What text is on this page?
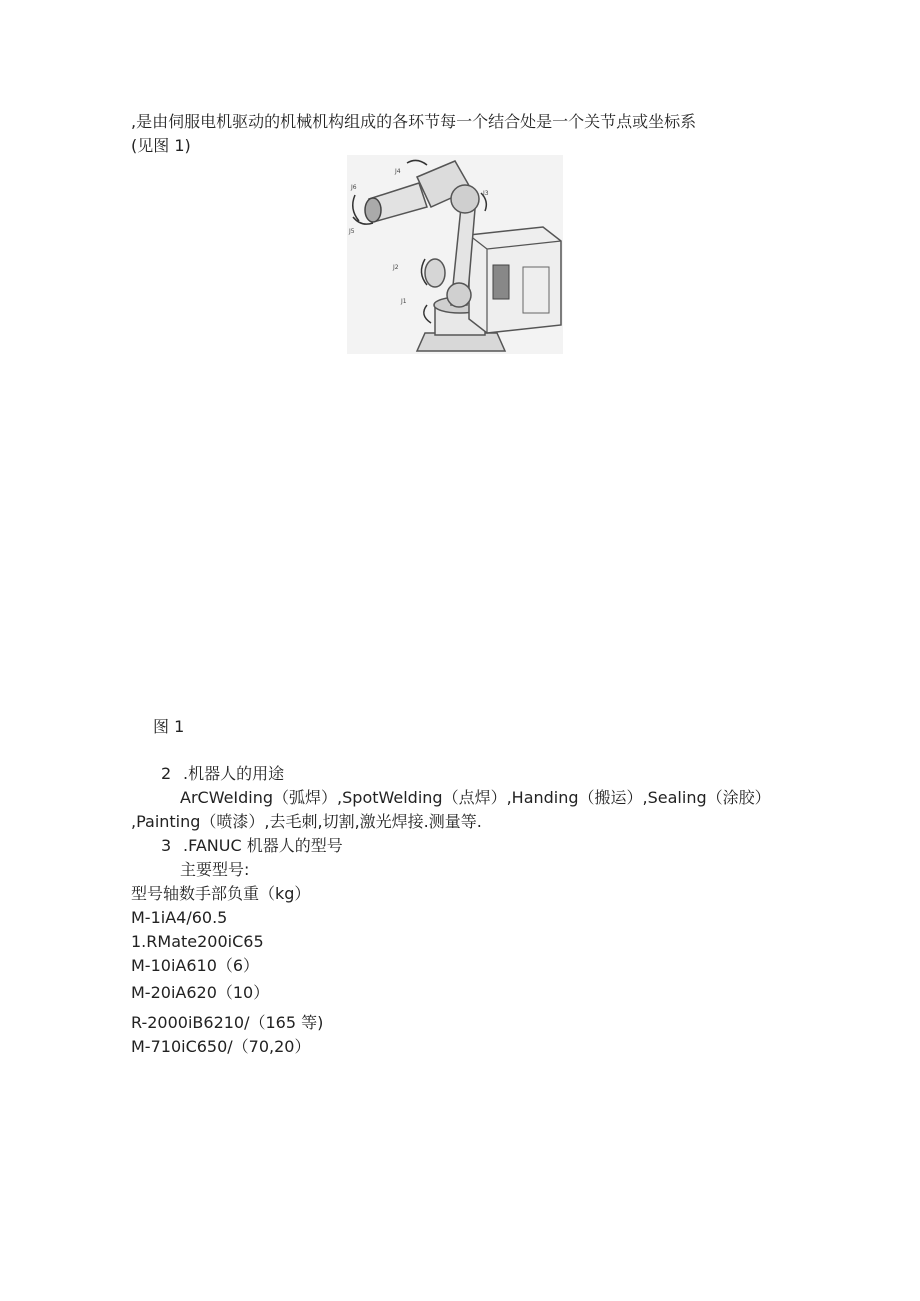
,是由伺服电机驱动的机械机构组成的各环节每一个结合处是一个关节点或坐标系
(见图 1)
J6
J5
J4
J3
J2
J1
图 1
2 .机器人的用途
ArCWeIding（弧焊）,SpotWelding（点焊）,Handing（搬运）,Sealing（涂胶）
,Painting（喷漆）,去毛刺,切割,激光焊接.测量等.
3 .FANUC 机器人的型号
主要型号:
型号轴数手部负重（kg）
M-1iA4/60.5
1.RMate200iC65
M-10iA610（6）
M-20iA620（10）
R-2000iB6210/（165 等)
M-710iC650/（70,20）
